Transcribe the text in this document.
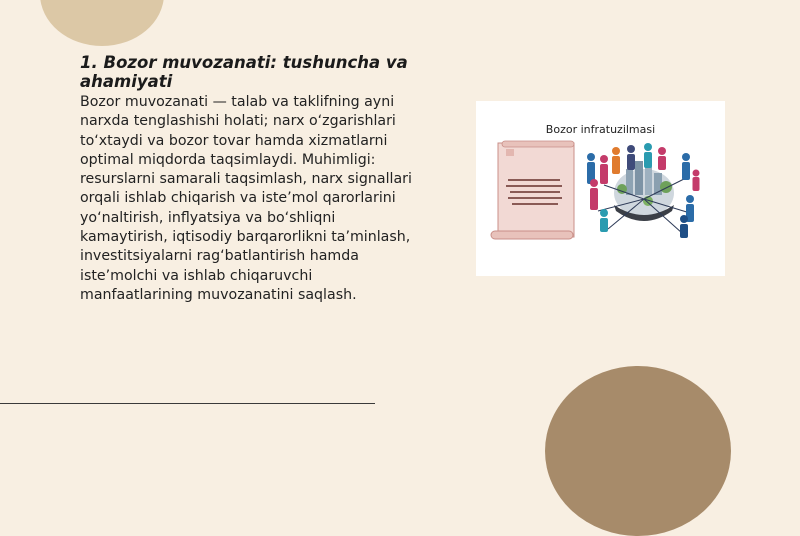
1. Bozor muvozanati: tushuncha va ahamiyati

Bozor muvozanati — talab va taklifning ayni narxda tenglashishi holati; narx o‘zgarishlari to‘xtaydi va bozor tovar hamda xizmatlarni optimal miqdorda taqsimlaydi. Muhimligi: resurslarni samarali taqsimlash, narx signallari orqali ishlab chiqarish va iste’mol qarorlarini yo‘naltirish, inflyatsiya va bo‘shliqni kamaytirish, iqtisodiy barqarorlikni ta’minlash, investitsiyalarni rag‘batlantirish hamda iste’molchi va ishlab chiqaruvchi manfaatlarining muvozanatini saqlash.

Bozor infratuzilmasi
